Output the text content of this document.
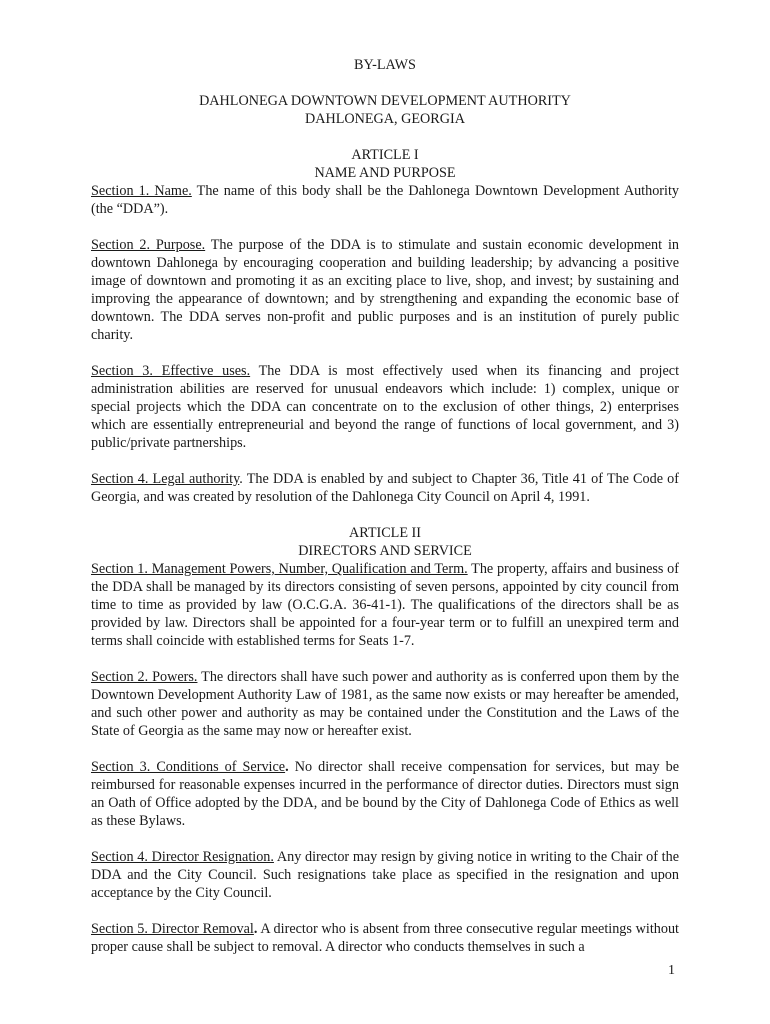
BY-LAWS
DAHLONEGA DOWNTOWN DEVELOPMENT AUTHORITY
DAHLONEGA, GEORGIA
ARTICLE I
NAME AND PURPOSE

Section 1. Name. The name of this body shall be the Dahlonega Downtown Development Authority (the “DDA”).

Section 2. Purpose. The purpose of the DDA is to stimulate and sustain economic development in downtown Dahlonega by encouraging cooperation and building leadership; by advancing a positive image of downtown and promoting it as an exciting place to live, shop, and invest; by sustaining and improving the appearance of downtown; and by strengthening and expanding the economic base of downtown. The DDA serves non-profit and public purposes and is an institution of purely public charity.

Section 3. Effective uses. The DDA is most effectively used when its financing and project administration abilities are reserved for unusual endeavors which include: 1) complex, unique or special projects which the DDA can concentrate on to the exclusion of other things, 2) enterprises which are essentially entrepreneurial and beyond the range of functions of local government, and 3) public/private partnerships.

Section 4. Legal authority. The DDA is enabled by and subject to Chapter 36, Title 41 of The Code of Georgia, and was created by resolution of the Dahlonega City Council on April 4, 1991.

ARTICLE II
DIRECTORS AND SERVICE

Section 1. Management Powers, Number, Qualification and Term. The property, affairs and business of the DDA shall be managed by its directors consisting of seven persons, appointed by city council from time to time as provided by law (O.C.G.A. 36-41-1). The qualifications of the directors shall be as provided by law. Directors shall be appointed for a four-year term or to fulfill an unexpired term and terms shall coincide with established terms for Seats 1-7.

Section 2. Powers. The directors shall have such power and authority as is conferred upon them by the Downtown Development Authority Law of 1981, as the same now exists or may hereafter be amended, and such other power and authority as may be contained under the Constitution and the Laws of the State of Georgia as the same may now or hereafter exist.

Section 3. Conditions of Service. No director shall receive compensation for services, but may be reimbursed for reasonable expenses incurred in the performance of director duties. Directors must sign an Oath of Office adopted by the DDA, and be bound by the City of Dahlonega Code of Ethics as well as these Bylaws.

Section 4. Director Resignation. Any director may resign by giving notice in writing to the Chair of the DDA and the City Council. Such resignations take place as specified in the resignation and upon acceptance by the City Council.

Section 5. Director Removal. A director who is absent from three consecutive regular meetings without proper cause shall be subject to removal. A director who conducts themselves in such a

1
